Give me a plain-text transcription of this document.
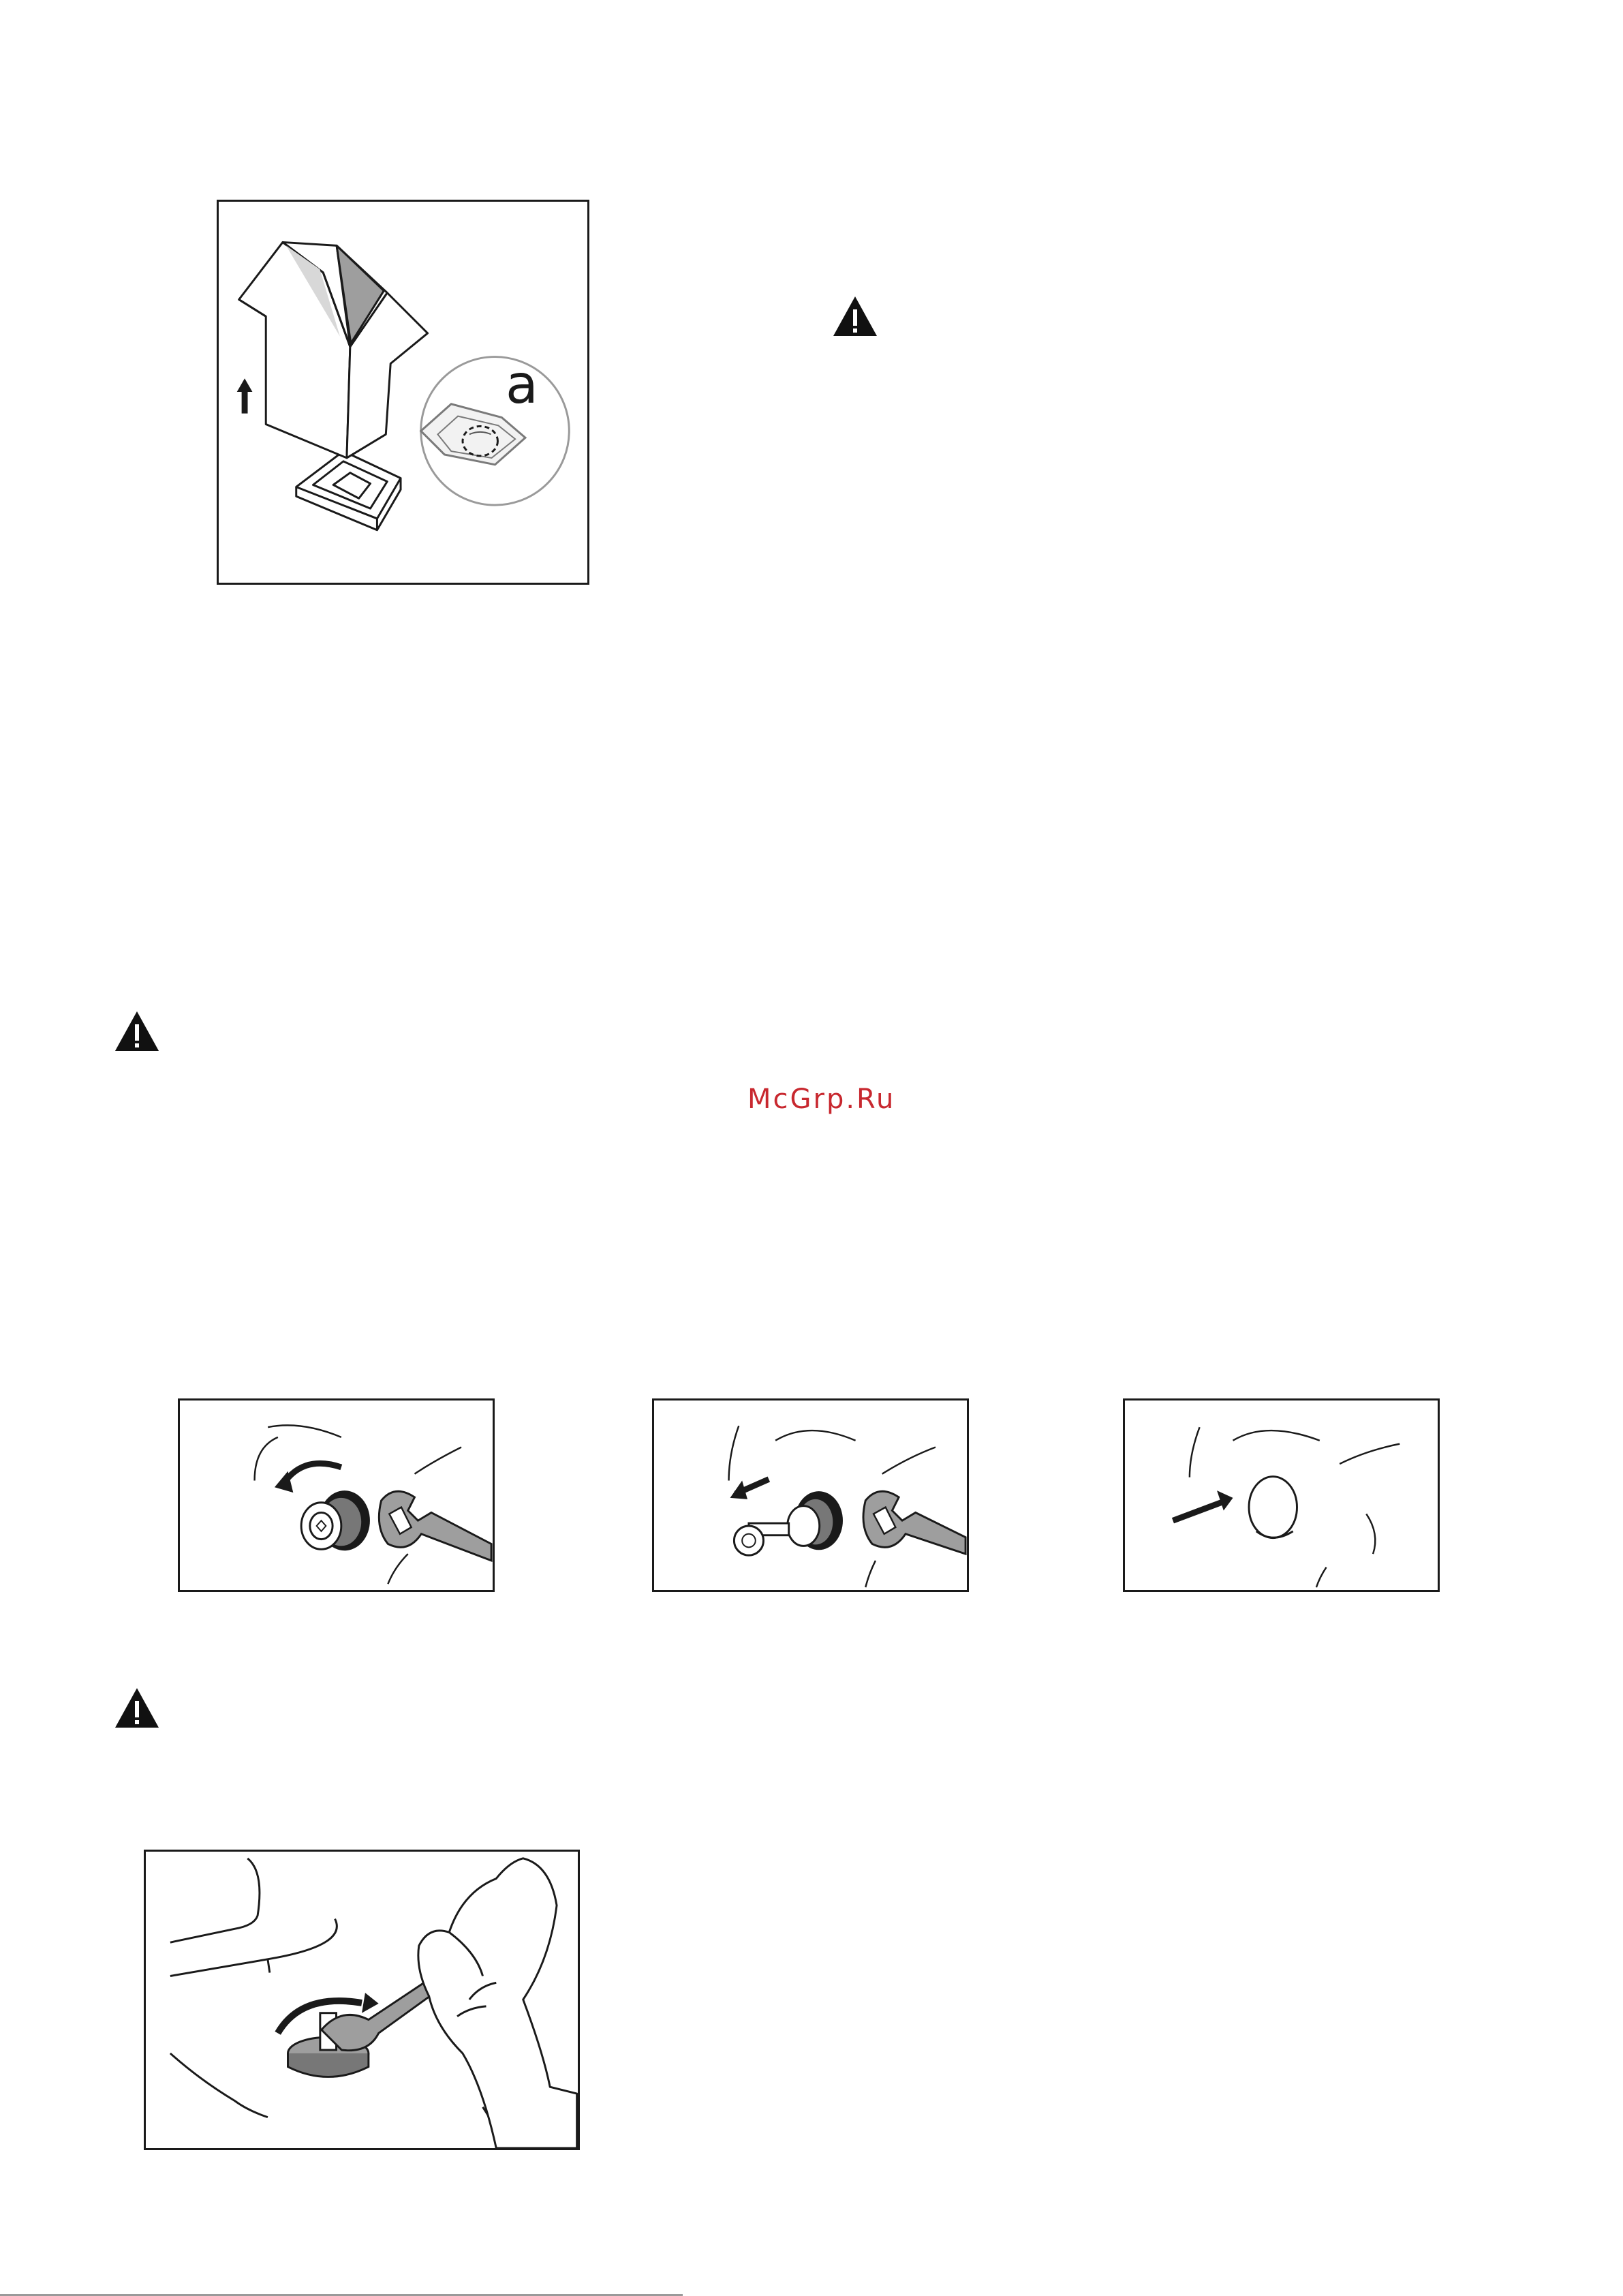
a
McGrp.Ru
